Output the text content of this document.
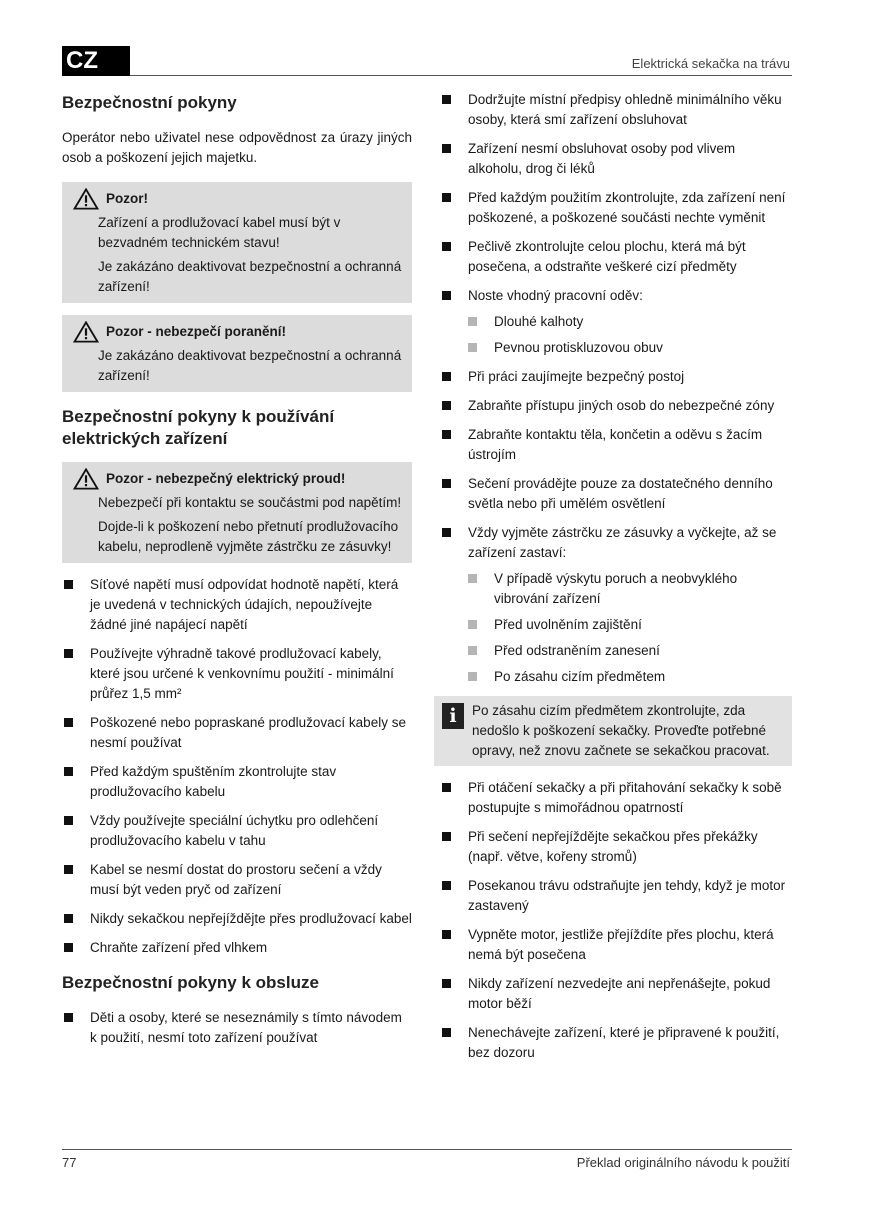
CZ	Elektrická sekačka na trávu
Bezpečnostní pokyny

Operátor nebo uživatel nese odpovědnost za úrazy jiných osob a poškození jejich majetku.

Pozor!
Zařízení a prodlužovací kabel musí být v bezvadném technickém stavu!
Je zakázáno deaktivovat bezpečnostní a ochranná zařízení!
Pozor - nebezpečí poranění!
Je zakázáno deaktivovat bezpečnostní a ochranná zařízení!
Bezpečnostní pokyny k používání elektrických zařízení
Pozor - nebezpečný elektrický proud!
Nebezpečí při kontaktu se součástmi pod napětím!
Dojde-li k poškození nebo přetnutí prodlužovacího kabelu, neprodleně vyjměte zástrčku ze zásuvky!
Síťové napětí musí odpovídat hodnotě napětí, která je uvedená v technických údajích, nepoužívejte žádné jiné napájecí napětí
Používejte výhradně takové prodlužovací kabely, které jsou určené k venkovnímu použití - minimální průřez 1,5 mm²
Poškozené nebo popraskané prodlužovací kabely se nesmí používat
Před každým spuštěním zkontrolujte stav prodlužovacího kabelu
Vždy používejte speciální úchytku pro odlehčení prodlužovacího kabelu v tahu
Kabel se nesmí dostat do prostoru sečení a vždy musí být veden pryč od zařízení
Nikdy sekačkou nepřejíždějte přes prodlužovací kabel
Chraňte zařízení před vlhkem
Bezpečnostní pokyny k obsluze
Děti a osoby, které se neseznámily s tímto návodem k použití, nesmí toto zařízení používat
Dodržujte místní předpisy ohledně minimálního věku osoby, která smí zařízení obsluhovat
Zařízení nesmí obsluhovat osoby pod vlivem alkoholu, drog či léků
Před každým použitím zkontrolujte, zda zařízení není poškozené, a poškozené součásti nechte vyměnit
Pečlivě zkontrolujte celou plochu, která má být posečena, a odstraňte veškeré cizí předměty
Noste vhodný pracovní oděv:
Dlouhé kalhoty
Pevnou protiskluzovou obuv
Při práci zaujímejte bezpečný postoj
Zabraňte přístupu jiných osob do nebezpečné zóny
Zabraňte kontaktu těla, končetin a oděvu s žacím ústrojím
Sečení provádějte pouze za dostatečného denního světla nebo při umělém osvětlení
Vždy vyjměte zástrčku ze zásuvky a vyčkejte, až se zařízení zastaví:
V případě výskytu poruch a neobvyklého vibrování zařízení
Před uvolněním zajištění
Před odstraněním zanesení
Po zásahu cizím předmětem
i	Po zásahu cizím předmětem zkontrolujte, zda nedošlo k poškození sekačky. Proveďte potřebné opravy, než znovu začnete se sekačkou pracovat.
Při otáčení sekačky a při přitahování sekačky k sobě postupujte s mimořádnou opatrností
Při sečení nepřejíždějte sekačkou přes překážky (např. větve, kořeny stromů)
Posekanou trávu odstraňujte jen tehdy, když je motor zastavený
Vypněte motor, jestliže přejíždíte přes plochu, která nemá být posečena
Nikdy zařízení nezvedejte ani nepřenášejte, pokud motor běží
Nenechávejte zařízení, které je připravené k použití, bez dozoru
77	Překlad originálního návodu k použití
